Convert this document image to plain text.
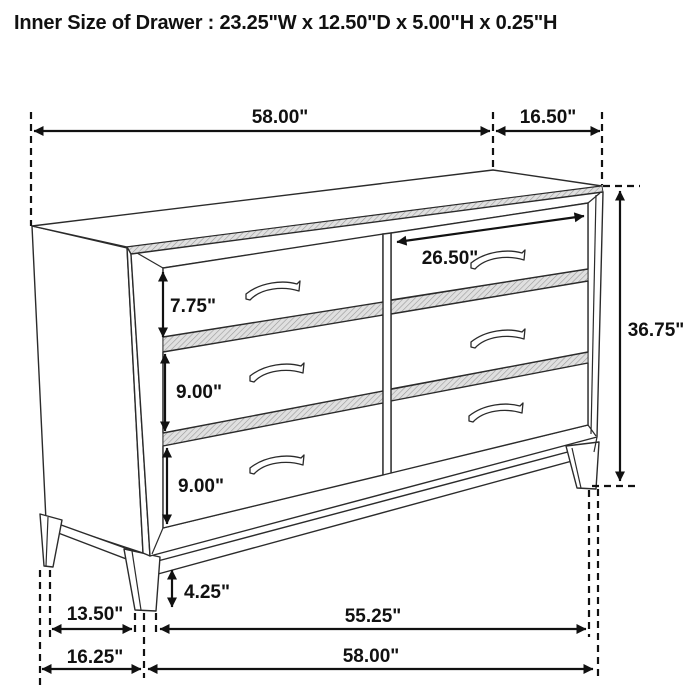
Inner Size of Drawer : 23.25"W x 12.50"D x 5.00"H x 0.25"H
58.00"	16.50"
26.50"
7.75"
9.00"
9.00"
36.75"
4.25"
13.50"	55.25"
16.25"	58.00"
